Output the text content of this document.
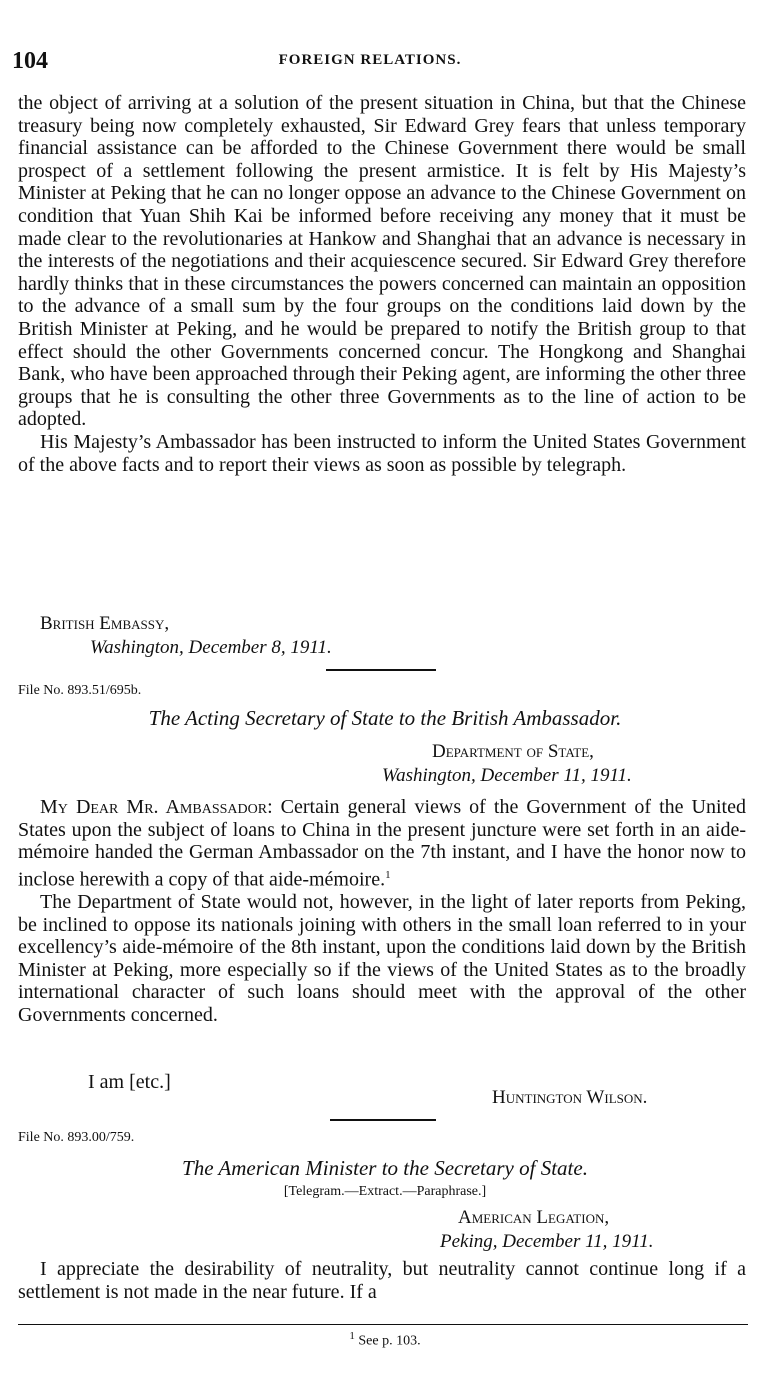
104	FOREIGN RELATIONS.

the object of arriving at a solution of the present situation in China, but that the Chinese treasury being now completely exhausted, Sir Edward Grey fears that unless temporary financial assistance can be afforded to the Chinese Government there would be small prospect of a settlement following the present armistice. It is felt by His Majesty’s Minister at Peking that he can no longer oppose an advance to the Chinese Government on condition that Yuan Shih Kai be informed before receiving any money that it must be made clear to the revolutionaries at Hankow and Shanghai that an advance is necessary in the interests of the negotiations and their acquiescence secured. Sir Edward Grey therefore hardly thinks that in these circumstances the powers concerned can maintain an opposition to the advance of a small sum by the four groups on the conditions laid down by the British Minister at Peking, and he would be prepared to notify the British group to that effect should the other Governments concerned concur. The Hongkong and Shanghai Bank, who have been approached through their Peking agent, are informing the other three groups that he is consulting the other three Governments as to the line of action to be adopted.

His Majesty’s Ambassador has been instructed to inform the United States Government of the above facts and to report their views as soon as possible by telegraph.

British Embassy,
Washington, December 8, 1911.
File No. 893.51/695b.
The Acting Secretary of State to the British Ambassador.
Department of State,
Washington, December 11, 1911.

My Dear Mr. Ambassador: Certain general views of the Government of the United States upon the subject of loans to China in the present juncture were set forth in an aide-mémoire handed the German Ambassador on the 7th instant, and I have the honor now to inclose herewith a copy of that aide-mémoire.$^1$

The Department of State would not, however, in the light of later reports from Peking, be inclined to oppose its nationals joining with others in the small loan referred to in your excellency’s aide-mémoire of the 8th instant, upon the conditions laid down by the British Minister at Peking, more especially so if the views of the United States as to the broadly international character of such loans should meet with the approval of the other Governments concerned.

I am [etc.]
Huntington Wilson.
File No. 893.00/759.
The American Minister to the Secretary of State.
[Telegram.—Extract.—Paraphrase.]
American Legation,
Peking, December 11, 1911.

I appreciate the desirability of neutrality, but neutrality cannot continue long if a settlement is not made in the near future. If a

$^1$ See p. 103.
